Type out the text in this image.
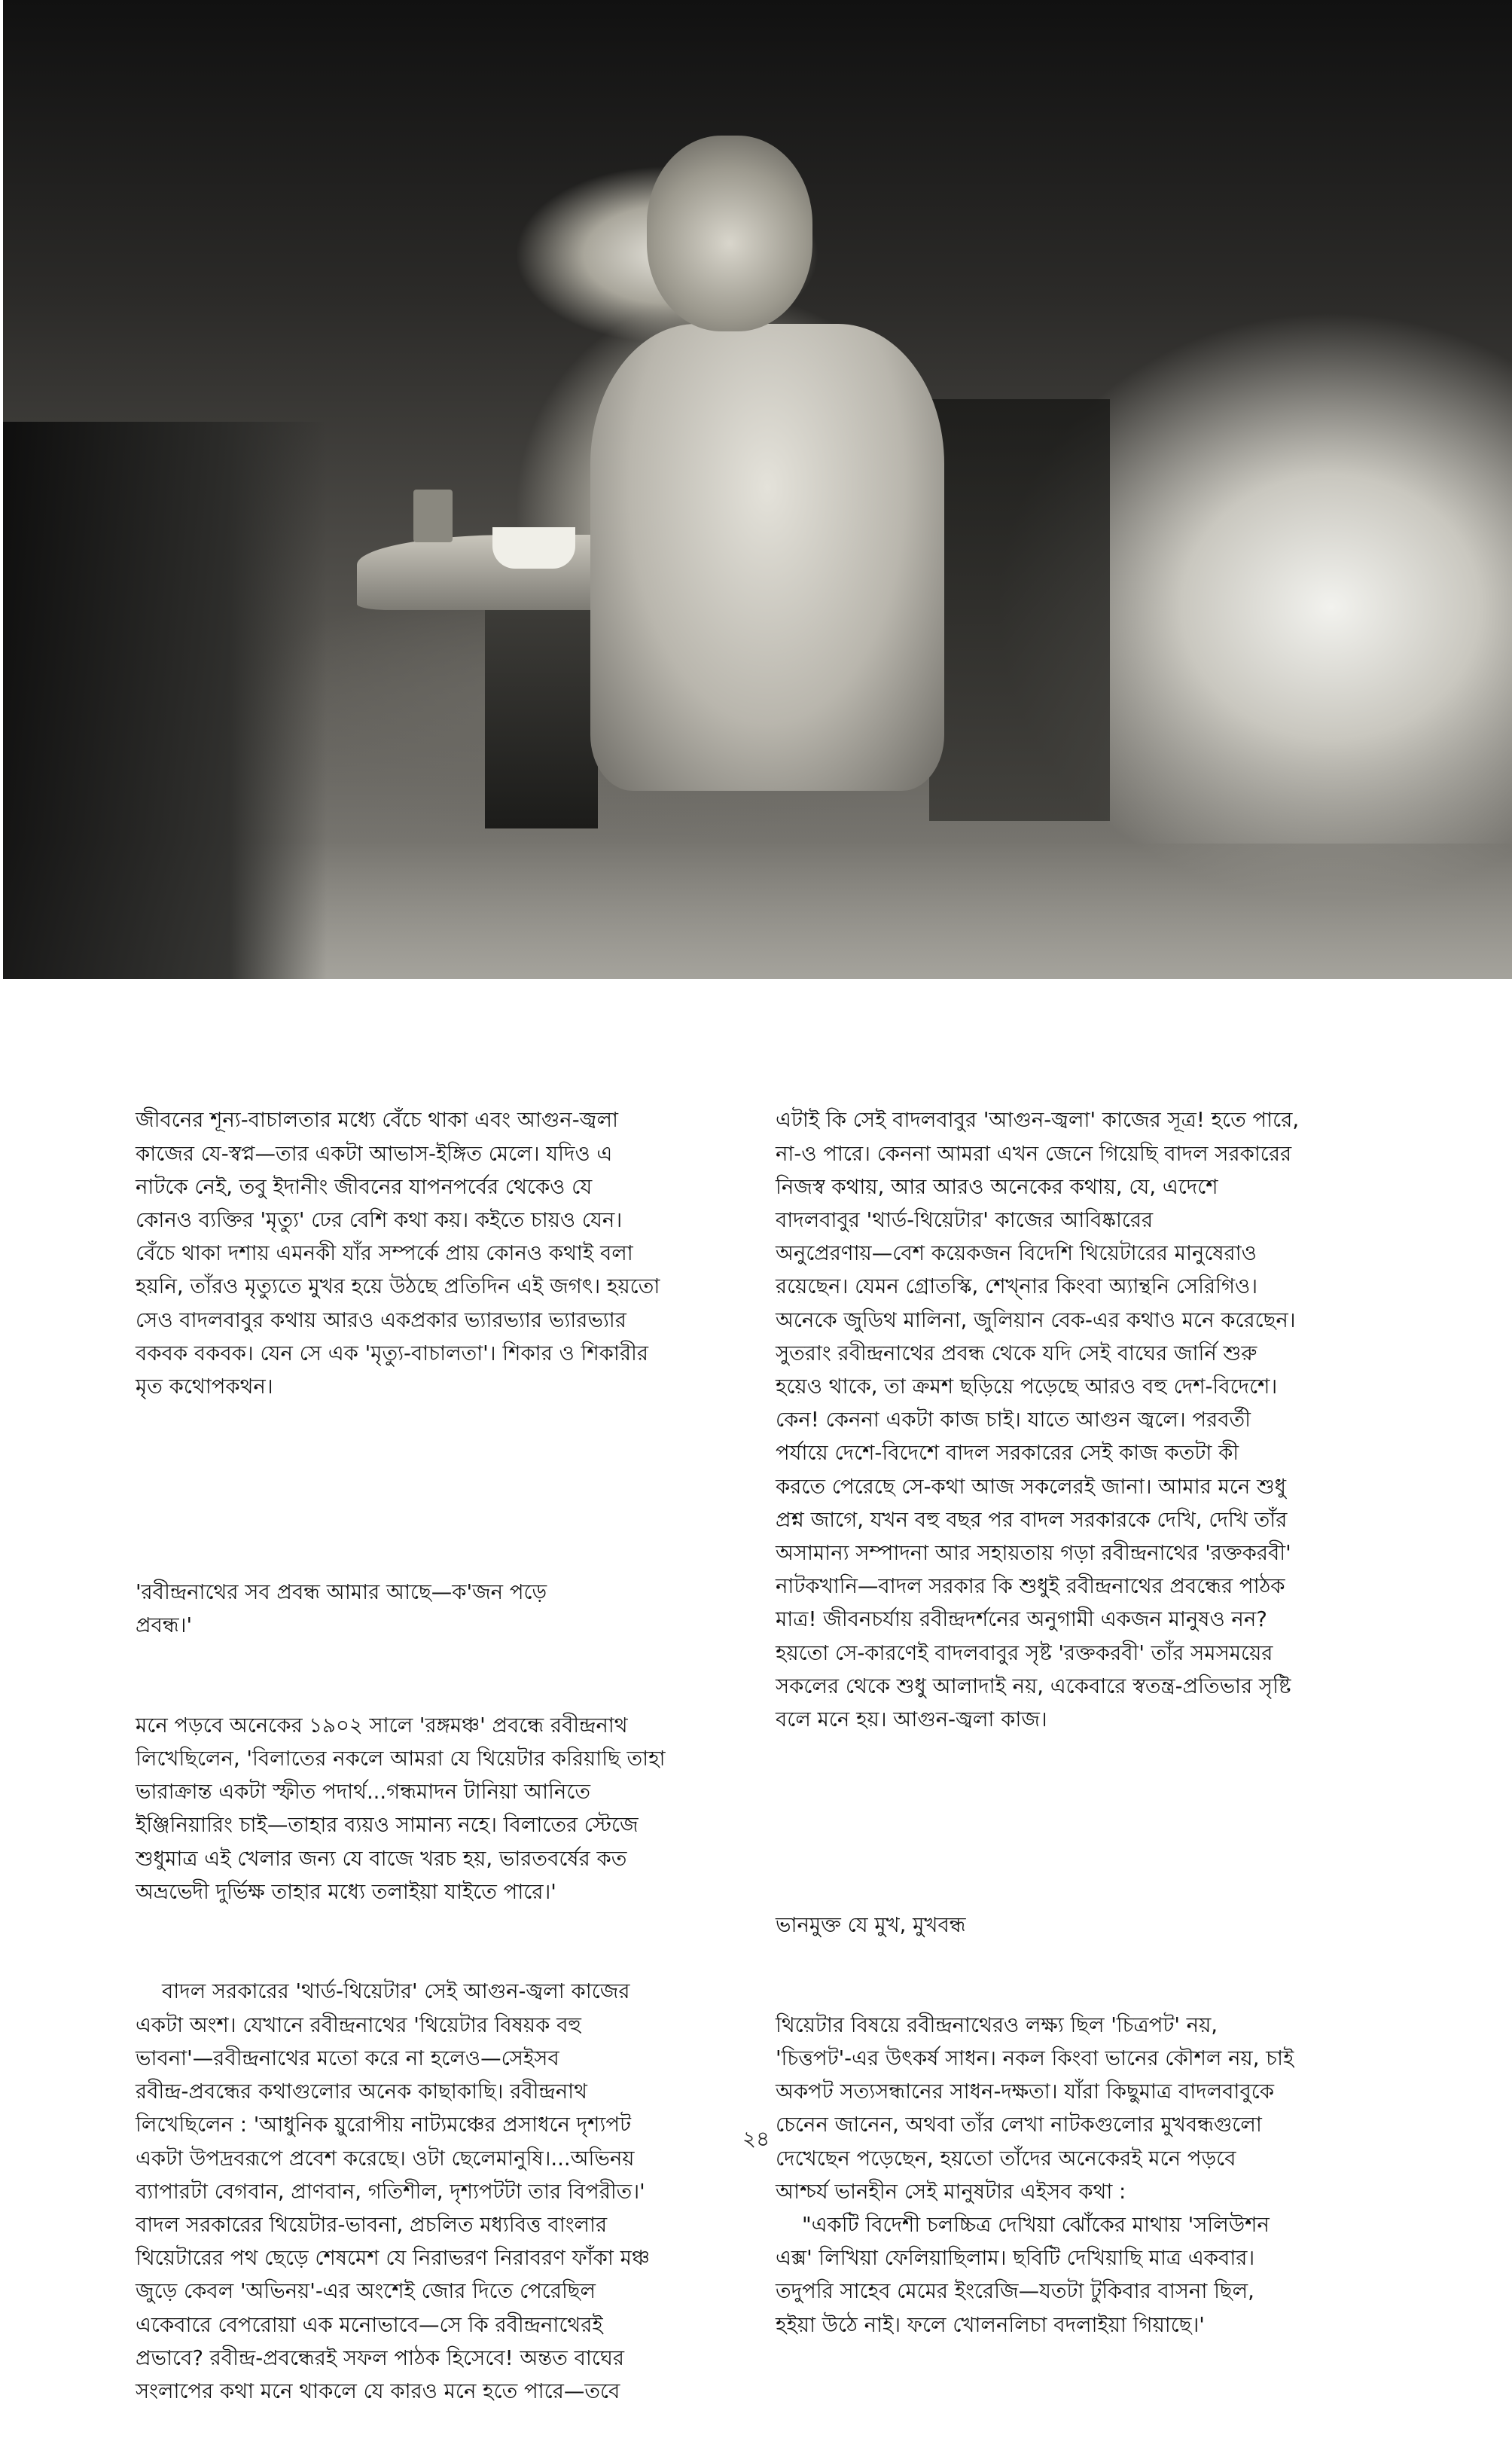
জীবনের শূন্য-বাচালতার মধ্যে বেঁচে থাকা এবং আগুন-জ্বলা
কাজের যে-স্বপ্ন—তার একটা আভাস-ইঙ্গিত মেলে। যদিও এ
নাটকে নেই, তবু ইদানীং জীবনের যাপনপর্বের থেকেও যে
কোনও ব্যক্তির 'মৃত্যু' ঢের বেশি কথা কয়। কইতে চায়ও যেন।
বেঁচে থাকা দশায় এমনকী যাঁর সম্পর্কে প্রায় কোনও কথাই বলা
হয়নি, তাঁরও মৃত্যুতে মুখর হয়ে উঠছে প্রতিদিন এই জগৎ। হয়তো
সেও বাদলবাবুর কথায় আরও একপ্রকার ভ্যারভ্যার ভ্যারভ্যার
বকবক বকবক। যেন সে এক 'মৃত্যু-বাচালতা'। শিকার ও শিকারীর
মৃত কথোপকথন।

'রবীন্দ্রনাথের সব প্রবন্ধ আমার আছে—ক'জন পড়ে
প্রবন্ধ।'

মনে পড়বে অনেকের ১৯০২ সালে 'রঙ্গমঞ্চ' প্রবন্ধে রবীন্দ্রনাথ
লিখেছিলেন, 'বিলাতের নকলে আমরা যে থিয়েটার করিয়াছি তাহা
ভারাক্রান্ত একটা স্ফীত পদার্থ...গন্ধমাদন টানিয়া আনিতে
ইঞ্জিনিয়ারিং চাই—তাহার ব্যয়ও সামান্য নহে। বিলাতের স্টেজে
শুধুমাত্র এই খেলার জন্য যে বাজে খরচ হয়, ভারতবর্ষের কত
অভ্রভেদী দুর্ভিক্ষ তাহার মধ্যে তলাইয়া যাইতে পারে।'

বাদল সরকারের 'থার্ড-থিয়েটার' সেই আগুন-জ্বলা কাজের
একটা অংশ। যেখানে রবীন্দ্রনাথের 'থিয়েটার বিষয়ক বহু
ভাবনা'—রবীন্দ্রনাথের মতো করে না হলেও—সেইসব
রবীন্দ্র-প্রবন্ধের কথাগুলোর অনেক কাছাকাছি। রবীন্দ্রনাথ
লিখেছিলেন : 'আধুনিক য়ুরোপীয় নাট্যমঞ্চের প্রসাধনে দৃশ্যপট
একটা উপদ্রবরূপে প্রবেশ করেছে। ওটা ছেলেমানুষি।...অভিনয়
ব্যাপারটা বেগবান, প্রাণবান, গতিশীল, দৃশ্যপটটা তার বিপরীত।'
বাদল সরকারের থিয়েটার-ভাবনা, প্রচলিত মধ্যবিত্ত বাংলার
থিয়েটারের পথ ছেড়ে শেষমেশ যে নিরাভরণ নিরাবরণ ফাঁকা মঞ্চ
জুড়ে কেবল 'অভিনয়'-এর অংশেই জোর দিতে পেরেছিল
একেবারে বেপরোয়া এক মনোভাবে—সে কি রবীন্দ্রনাথেরই
প্রভাবে? রবীন্দ্র-প্রবন্ধেরই সফল পাঠক হিসেবে! অন্তত বাঘের
সংলাপের কথা মনে থাকলে যে কারও মনে হতে পারে—তবে

এটাই কি সেই বাদলবাবুর 'আগুন-জ্বলা' কাজের সূত্র! হতে পারে,
না-ও পারে। কেননা আমরা এখন জেনে গিয়েছি বাদল সরকারের
নিজস্ব কথায়, আর আরও অনেকের কথায়, যে, এদেশে
বাদলবাবুর 'থার্ড-থিয়েটার' কাজের আবিষ্কারের
অনুপ্রেরণায়—বেশ কয়েকজন বিদেশি থিয়েটারের মানুষেরাও
রয়েছেন। যেমন গ্রোতস্কি, শেখ্‌নার কিংবা অ্যান্থনি সেরিগিও।
অনেকে জুডিথ মালিনা, জুলিয়ান বেক-এর কথাও মনে করেছেন।
সুতরাং রবীন্দ্রনাথের প্রবন্ধ থেকে যদি সেই বাঘের জার্নি শুরু
হয়েও থাকে, তা ক্রমশ ছড়িয়ে পড়েছে আরও বহু দেশ-বিদেশে।
কেন! কেননা একটা কাজ চাই। যাতে আগুন জ্বলে। পরবর্তী
পর্যায়ে দেশে-বিদেশে বাদল সরকারের সেই কাজ কতটা কী
করতে পেরেছে সে-কথা আজ সকলেরই জানা। আমার মনে শুধু
প্রশ্ন জাগে, যখন বহু বছর পর বাদল সরকারকে দেখি, দেখি তাঁর
অসামান্য সম্পাদনা আর সহায়তায় গড়া রবীন্দ্রনাথের 'রক্তকরবী'
নাটকখানি—বাদল সরকার কি শুধুই রবীন্দ্রনাথের প্রবন্ধের পাঠক
মাত্র! জীবনচর্যায় রবীন্দ্রদর্শনের অনুগামী একজন মানুষও নন?
হয়তো সে-কারণেই বাদলবাবুর সৃষ্ট 'রক্তকরবী' তাঁর সমসময়ের
সকলের থেকে শুধু আলাদাই নয়, একেবারে স্বতন্ত্র-প্রতিভার সৃষ্টি
বলে মনে হয়। আগুন-জ্বলা কাজ।

ভানমুক্ত যে মুখ, মুখবন্ধ

থিয়েটার বিষয়ে রবীন্দ্রনাথেরও লক্ষ্য ছিল 'চিত্রপট' নয়,
'চিত্তপট'-এর উৎকর্ষ সাধন। নকল কিংবা ভানের কৌশল নয়, চাই
অকপট সত্যসন্ধানের সাধন-দক্ষতা। যাঁরা কিছুমাত্র বাদলবাবুকে
চেনেন জানেন, অথবা তাঁর লেখা নাটকগুলোর মুখবন্ধগুলো
দেখেছেন পড়েছেন, হয়তো তাঁদের অনেকেরই মনে পড়বে
আশ্চর্য ভানহীন সেই মানুষটার এইসব কথা :
"একটি বিদেশী চলচ্চিত্র দেখিয়া ঝোঁকের মাথায় 'সলিউশন
এক্স' লিখিয়া ফেলিয়াছিলাম। ছবিটি দেখিয়াছি মাত্র একবার।
তদুপরি সাহেব মেমের ইংরেজি—যতটা টুকিবার বাসনা ছিল,
হইয়া উঠে নাই। ফলে খোলনলিচা বদলাইয়া গিয়াছে।'

২৪
